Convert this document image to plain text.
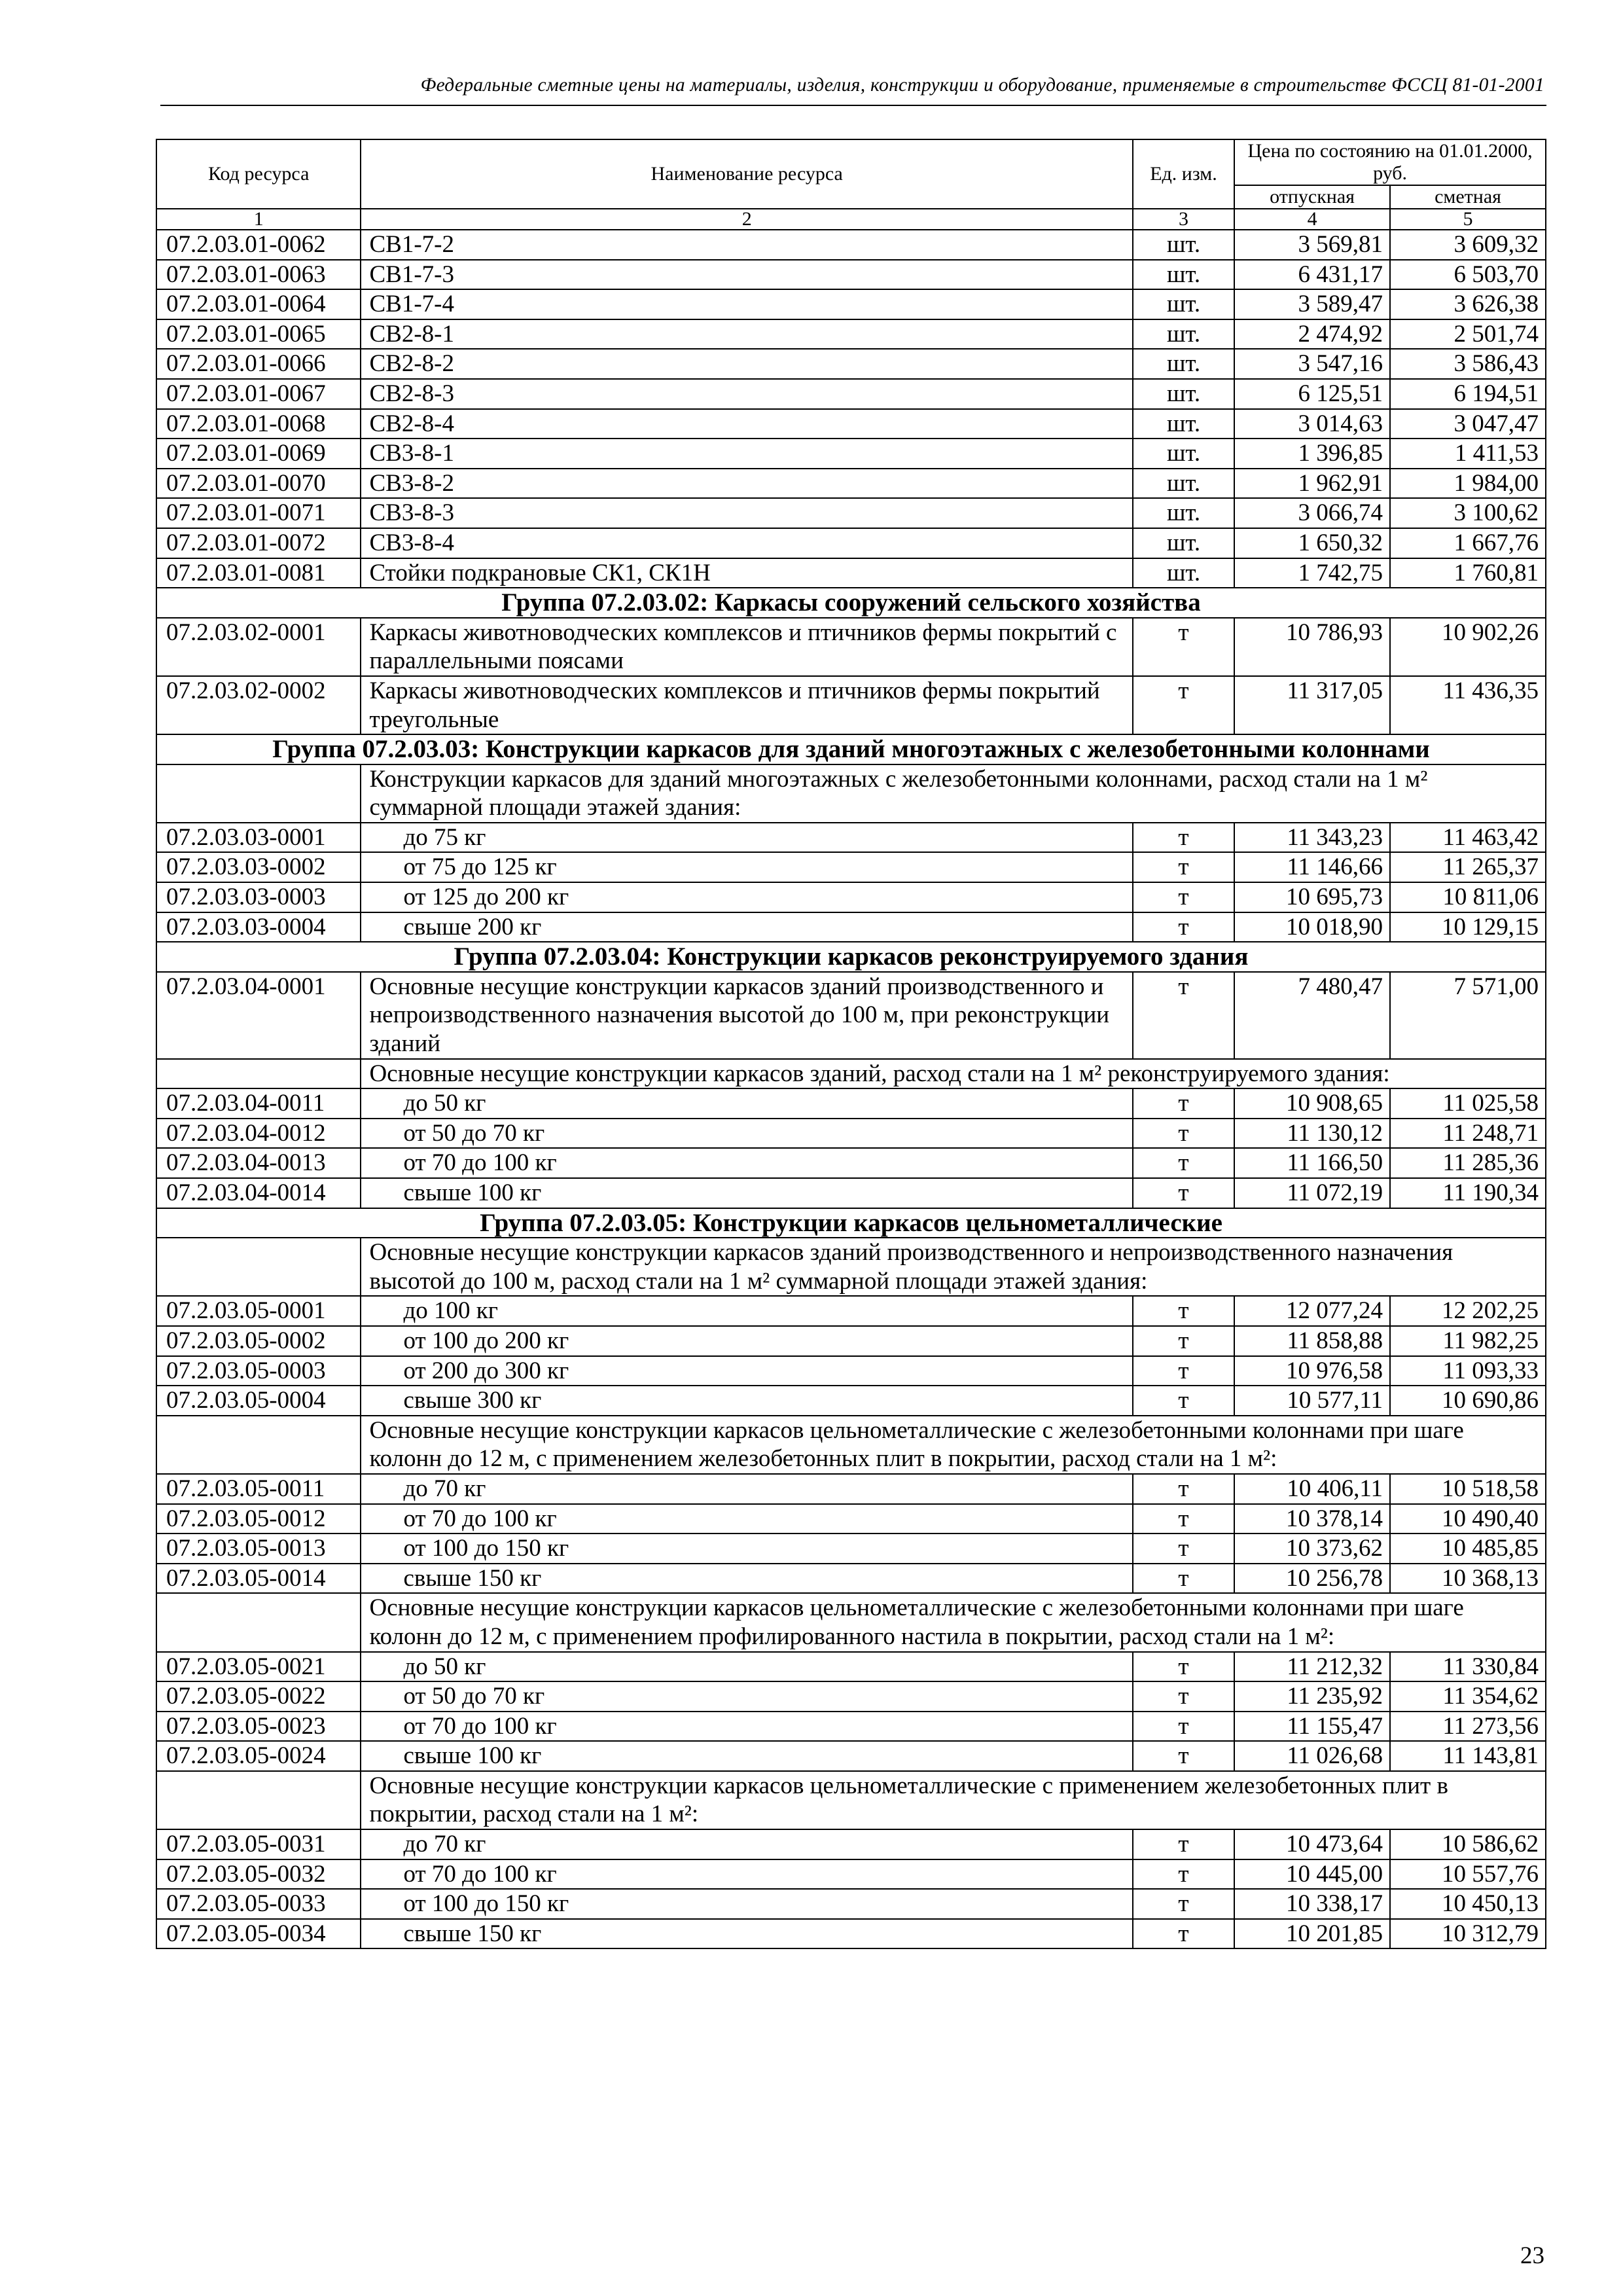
Федеральные сметные цены на материалы, изделия, конструкции и оборудование, применяемые в строительстве ФССЦ 81-01-2001
Код ресурса	Наименование ресурса	Ед. изм.	Цена по состоянию на 01.01.2000, руб.	
			отпускная	сметная
1	2	3	4	5
07.2.03.01-0062	СВ1-7-2	шт.	3 569,81	3 609,32
07.2.03.01-0063	СВ1-7-3	шт.	6 431,17	6 503,70
07.2.03.01-0064	СВ1-7-4	шт.	3 589,47	3 626,38
07.2.03.01-0065	СВ2-8-1	шт.	2 474,92	2 501,74
07.2.03.01-0066	СВ2-8-2	шт.	3 547,16	3 586,43
07.2.03.01-0067	СВ2-8-3	шт.	6 125,51	6 194,51
07.2.03.01-0068	СВ2-8-4	шт.	3 014,63	3 047,47
07.2.03.01-0069	СВ3-8-1	шт.	1 396,85	1 411,53
07.2.03.01-0070	СВ3-8-2	шт.	1 962,91	1 984,00
07.2.03.01-0071	СВ3-8-3	шт.	3 066,74	3 100,62
07.2.03.01-0072	СВ3-8-4	шт.	1 650,32	1 667,76
07.2.03.01-0081	Стойки подкрановые СК1, СК1Н	шт.	1 742,75	1 760,81
Группа 07.2.03.02: Каркасы сооружений сельского хозяйства				
07.2.03.02-0001	Каркасы животноводческих комплексов и птичников фермы покрытий с параллельными поясами	т	10 786,93	10 902,26
07.2.03.02-0002	Каркасы животноводческих комплексов и птичников фермы покрытий треугольные	т	11 317,05	11 436,35
Группа 07.2.03.03: Конструкции каркасов для зданий многоэтажных с железобетонными колоннами				
	Конструкции каркасов для зданий многоэтажных с железобетонными колоннами, расход стали на 1 м² суммарной площади этажей здания:			
07.2.03.03-0001	до 75 кг	т	11 343,23	11 463,42
07.2.03.03-0002	от 75 до 125 кг	т	11 146,66	11 265,37
07.2.03.03-0003	от 125 до 200 кг	т	10 695,73	10 811,06
07.2.03.03-0004	свыше 200 кг	т	10 018,90	10 129,15
Группа 07.2.03.04: Конструкции каркасов реконструируемого здания				
07.2.03.04-0001	Основные несущие конструкции каркасов зданий производственного и непроизводственного назначения высотой до 100 м, при реконструкции зданий	т	7 480,47	7 571,00
	Основные несущие конструкции каркасов зданий, расход стали на 1 м² реконструируемого здания:			
07.2.03.04-0011	до 50 кг	т	10 908,65	11 025,58
07.2.03.04-0012	от 50 до 70 кг	т	11 130,12	11 248,71
07.2.03.04-0013	от 70 до 100 кг	т	11 166,50	11 285,36
07.2.03.04-0014	свыше 100 кг	т	11 072,19	11 190,34
Группа 07.2.03.05: Конструкции каркасов цельнометаллические				
	Основные несущие конструкции каркасов зданий производственного и непроизводственного назначения высотой до 100 м, расход стали на 1 м² суммарной площади этажей здания:			
07.2.03.05-0001	до 100 кг	т	12 077,24	12 202,25
07.2.03.05-0002	от 100 до 200 кг	т	11 858,88	11 982,25
07.2.03.05-0003	от 200 до 300 кг	т	10 976,58	11 093,33
07.2.03.05-0004	свыше 300 кг	т	10 577,11	10 690,86
	Основные несущие конструкции каркасов цельнометаллические с железобетонными колоннами при шаге колонн до 12 м, с применением железобетонных плит в покрытии, расход стали на 1 м²:			
07.2.03.05-0011	до 70 кг	т	10 406,11	10 518,58
07.2.03.05-0012	от 70 до 100 кг	т	10 378,14	10 490,40
07.2.03.05-0013	от 100 до 150 кг	т	10 373,62	10 485,85
07.2.03.05-0014	свыше 150 кг	т	10 256,78	10 368,13
	Основные несущие конструкции каркасов цельнометаллические с железобетонными колоннами при шаге колонн до 12 м, с применением профилированного настила в покрытии, расход стали на 1 м²:			
07.2.03.05-0021	до 50 кг	т	11 212,32	11 330,84
07.2.03.05-0022	от 50 до 70 кг	т	11 235,92	11 354,62
07.2.03.05-0023	от 70 до 100 кг	т	11 155,47	11 273,56
07.2.03.05-0024	свыше 100 кг	т	11 026,68	11 143,81
	Основные несущие конструкции каркасов цельнометаллические с применением железобетонных плит в покрытии, расход стали на 1 м²:			
07.2.03.05-0031	до 70 кг	т	10 473,64	10 586,62
07.2.03.05-0032	от 70 до 100 кг	т	10 445,00	10 557,76
07.2.03.05-0033	от 100 до 150 кг	т	10 338,17	10 450,13
07.2.03.05-0034	свыше 150 кг	т	10 201,85	10 312,79
23
